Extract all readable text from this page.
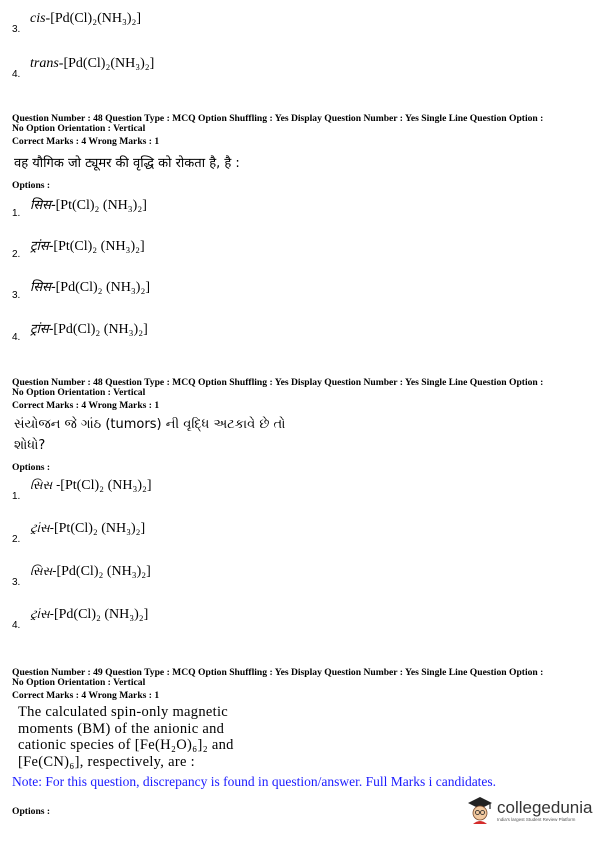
3.
cis-[Pd(Cl)₂(NH₃)₂]
4.
trans-[Pd(Cl)₂(NH₃)₂]
Question Number : 48 Question Type : MCQ Option Shuffling : Yes Display Question Number : Yes Single Line Question Option :
No Option Orientation : Vertical
Correct Marks : 4 Wrong Marks : 1
वह यौगिक जो ट्यूमर की वृद्धि को रोकता है, है :
Options :
1.
सिस-[Pt(Cl)₂ (NH₃)₂]
2.
ट्रांस-[Pt(Cl)₂ (NH₃)₂]
3.
सिस-[Pd(Cl)₂ (NH₃)₂]
4.
ट्रांस-[Pd(Cl)₂ (NH₃)₂]
Question Number : 48 Question Type : MCQ Option Shuffling : Yes Display Question Number : Yes Single Line Question Option :
No Option Orientation : Vertical
Correct Marks : 4 Wrong Marks : 1
સંયોજન જે ગાંઠ (tumors) ની વૃદ્ધિ અટકાવે છે તો
શોધો?
Options :
1.
સિસ -[Pt(Cl)₂ (NH₃)₂]
2.
ટ્રાંસ-[Pt(Cl)₂ (NH₃)₂]
3.
સિસ-[Pd(Cl)₂ (NH₃)₂]
4.
ટ્રાંસ-[Pd(Cl)₂ (NH₃)₂]
Question Number : 49 Question Type : MCQ Option Shuffling : Yes Display Question Number : Yes Single Line Question Option :
No Option Orientation : Vertical
Correct Marks : 4 Wrong Marks : 1
The calculated spin-only magnetic moments (BM) of the anionic and cationic species of [Fe(H₂O)₆]₂ and [Fe(CN)₆], respectively, are :
Note: For this question, discrepancy is found in question/answer. Full Marks i candidates.
Options :	collegedunia
India's largest Student Review Platform
